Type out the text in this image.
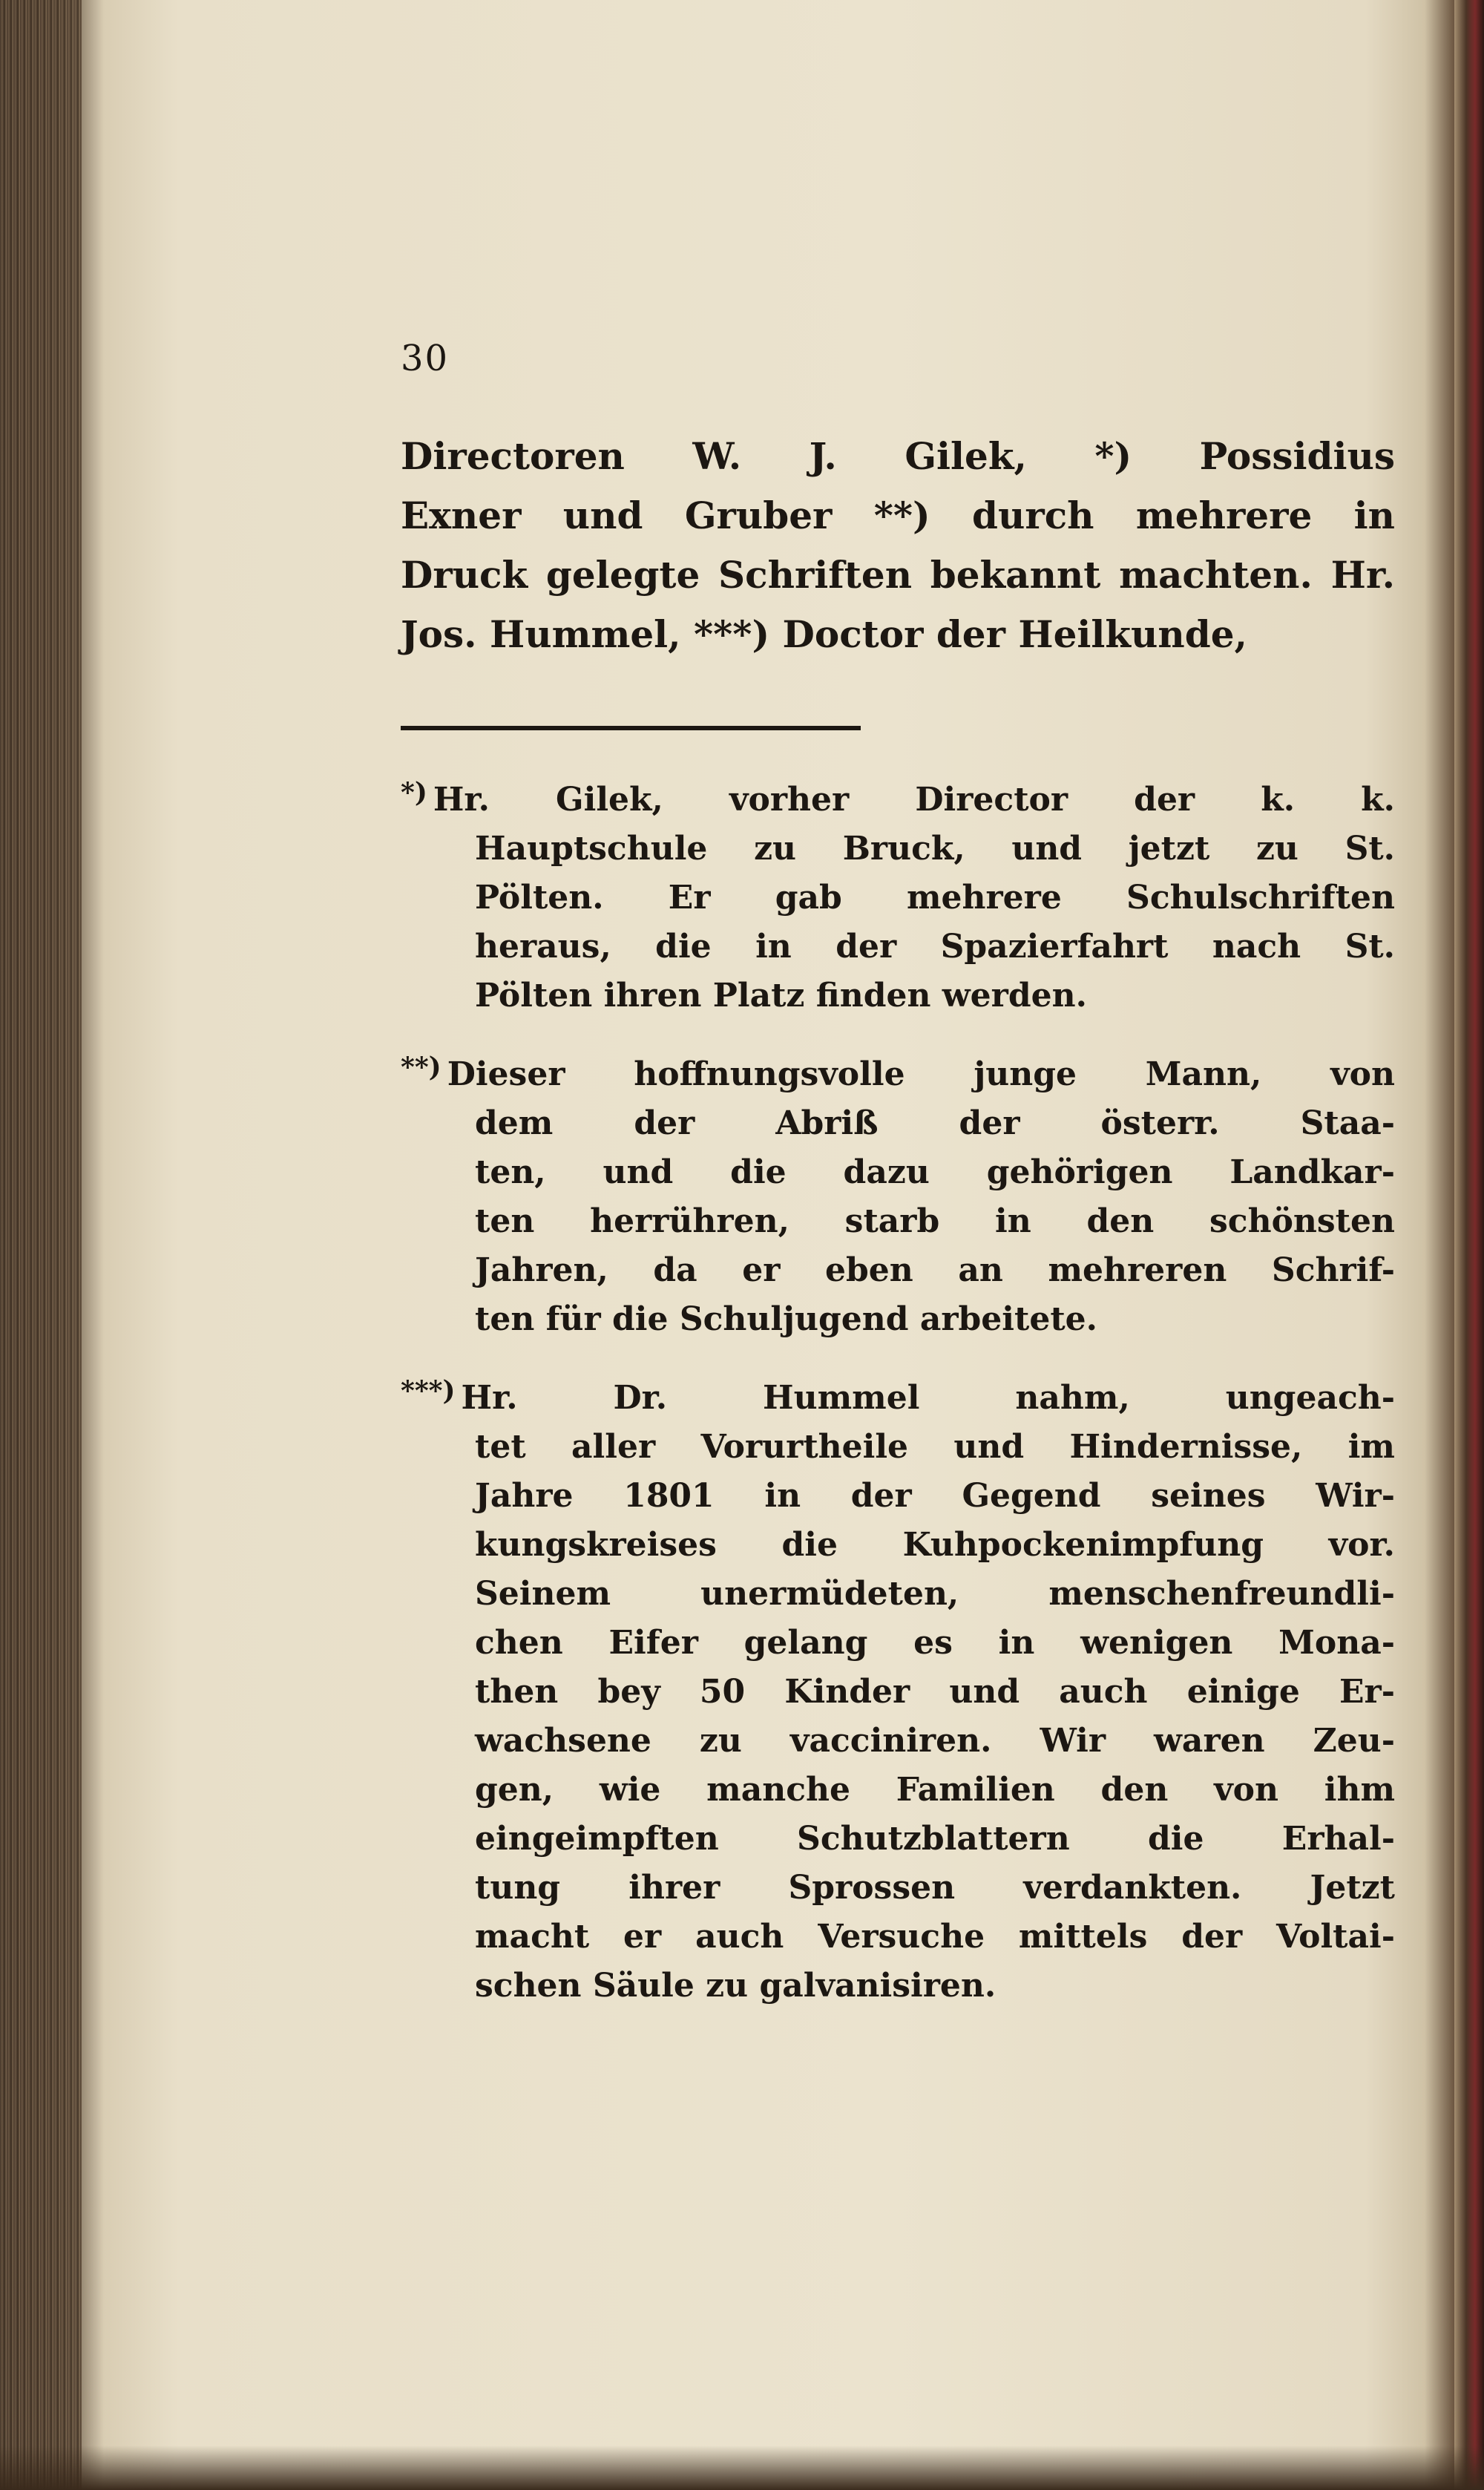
30
Directoren W. J. Gilek, *) Possidius
Exner und Gruber **) durch mehrere in
Druck gelegte Schriften bekannt machten. Hr.
Jos. Hummel, ***) Doctor der Heilkunde,
*) Hr. Gilek, vorher Director der k. k.
Hauptschule zu Bruck, und jetzt zu St.
Pölten. Er gab mehrere Schulschriften
heraus, die in der Spazierfahrt nach St.
Pölten ihren Platz finden werden.
**) Dieser hoffnungsvolle junge Mann, von
dem der Abriß der österr. Staa-
ten, und die dazu gehörigen Landkar-
ten herrühren, starb in den schönsten
Jahren, da er eben an mehreren Schrif-
ten für die Schuljugend arbeitete.
***) Hr. Dr. Hummel nahm, ungeach-
tet aller Vorurtheile und Hindernisse, im
Jahre 1801 in der Gegend seines Wir-
kungskreises die Kuhpockenimpfung vor.
Seinem unermüdeten, menschenfreundli-
chen Eifer gelang es in wenigen Mona-
then bey 50 Kinder und auch einige Er-
wachsene zu vacciniren. Wir waren Zeu-
gen, wie manche Familien den von ihm
eingeimpften Schutzblattern die Erhal-
tung ihrer Sprossen verdankten. Jetzt
macht er auch Versuche mittels der Voltai-
schen Säule zu galvanisiren.
